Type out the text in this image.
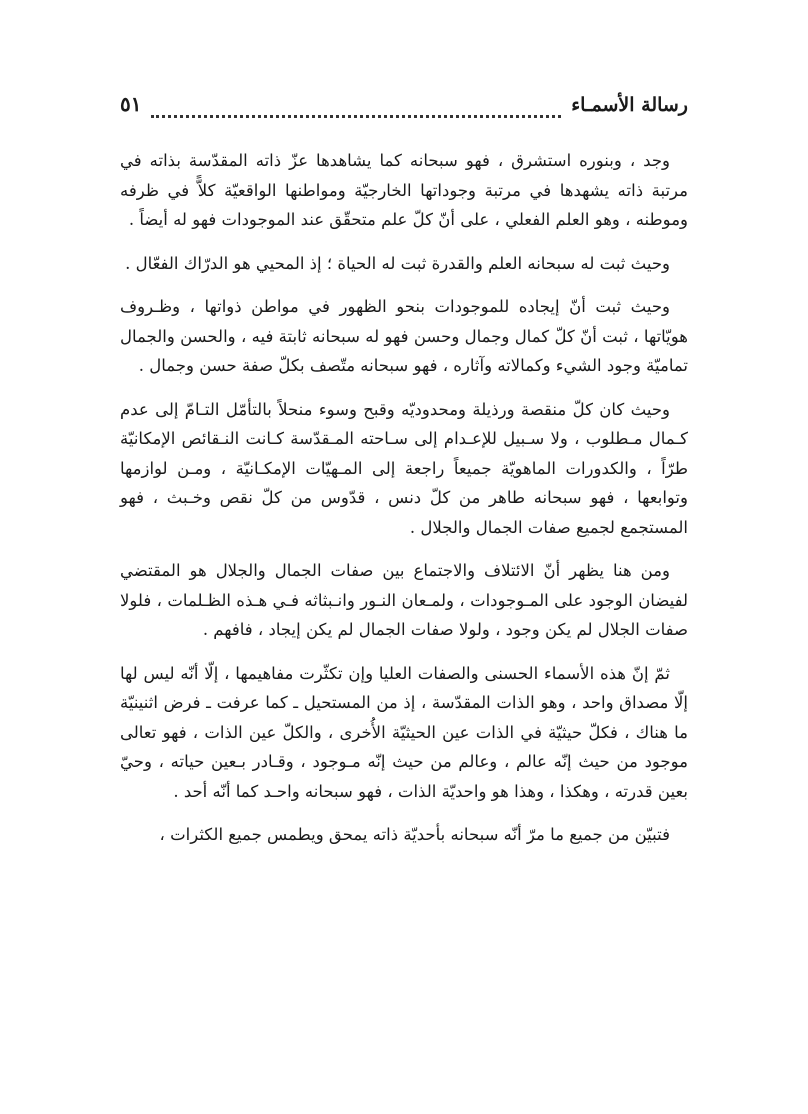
رسالة الأسمـاء
٥١

وجد ، وبنوره استشرق ، فهو سبحانه كما يشاهدها عزّ ذاته المقدّسة بذاته في مرتبة ذاته يشهدها في مرتبة وجوداتها الخارجيّة ومواطنها الواقعيّة كلاًّ في ظرفه وموطنه ، وهو العلم الفعلي ، على أنّ كلّ علم متحقّق عند الموجودات فهو له أيضاً .

وحيث ثبت له سبحانه العلم والقدرة ثبت له الحياة ؛ إذ المحيي هو الدرّاك الفعّال .

وحيث ثبت أنّ إيجاده للموجودات بنحو الظهور في مواطن ذواتها ، وظـروف هويّاتها ، ثبت أنّ كلّ كمال وجمال وحسن فهو له سبحانه ثابتة فيه ، والحسن والجمال تماميّة وجود الشيء وكمالاته وآثاره ، فهو سبحانه متّصف بكلّ صفة حسن وجمال .

وحيث كان كلّ منقصة ورذيلة ومحدوديّه وقبح وسوء منحلاً بالتأمّل التـامّ إلى عدم كـمال مـطلوب ، ولا سـبيل للإعـدام إلى سـاحته المـقدّسة كـانت النـقائص الإمكانيّة طرّاً ، والكدورات الماهويّة جميعاً راجعة إلى المـهيّات الإمكـانيّة ، ومـن لوازمها وتوابعها ، فهو سبحانه طاهر من كلّ دنس ، قدّوس من كلّ نقص وخـبث ، فهو المستجمع لجميع صفات الجمال والجلال .

ومن هنا يظهر أنّ الائتلاف والاجتماع بين صفات الجمال والجلال هو المقتضي لفيضان الوجود على المـوجودات ، ولمـعان النـور وانـبثاثه فـي هـذه الظـلمات ، فلولا صفات الجلال لم يكن وجود ، ولولا صفات الجمال لم يكن إيجاد ، فافهم .

ثمّ إنّ هذه الأسماء الحسنى والصفات العليا وإن تكثّرت مفاهيمها ، إلّا أنّه ليس لها إلّا مصداق واحد ، وهو الذات المقدّسة ، إذ من المستحيل ـ كما عرفت ـ فرض اثنينيّة ما هناك ، فكلّ حيثيّة في الذات عين الحيثيّة الأُخرى ، والكلّ عين الذات ، فهو تعالى موجود من حيث إنّه عالم ، وعالم من حيث إنّه مـوجود ، وقـادر بـعين حياته ، وحيّ بعين قدرته ، وهكذا ، وهذا هو واحديّة الذات ، فهو سبحانه واحـد كما أنّه أحد .

فتبيّن من جميع ما مرّ أنّه سبحانه بأحديّة ذاته يمحق ويطمس جميع الكثرات ،
